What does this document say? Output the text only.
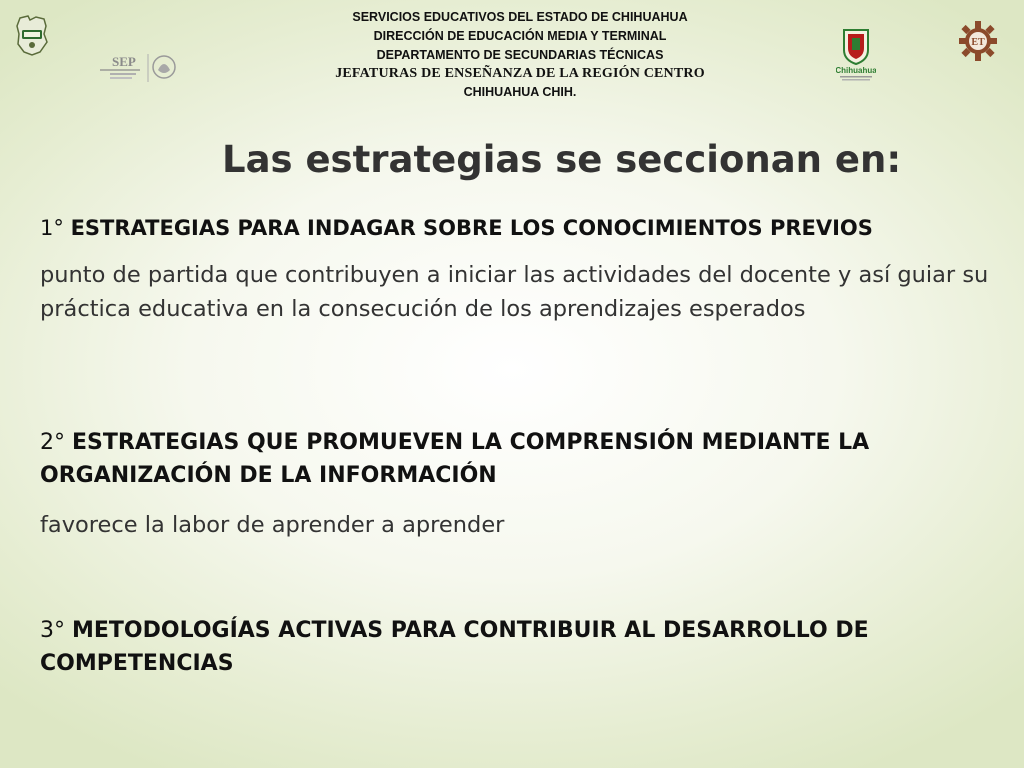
SEP
Chihuahua
ET
SERVICIOS EDUCATIVOS DEL ESTADO DE CHIHUAHUA
DIRECCIÓN DE EDUCACIÓN MEDIA Y TERMINAL
DEPARTAMENTO DE SECUNDARIAS TÉCNICAS
JEFATURAS DE ENSEÑANZA DE LA REGIÓN CENTRO
CHIHUAHUA CHIH.
Las estrategias se seccionan en:

1° ESTRATEGIAS PARA INDAGAR SOBRE LOS CONOCIMIENTOS PREVIOS

punto de partida que contribuyen a iniciar las actividades del docente y así guiar su práctica educativa en la consecución de los aprendizajes esperados

2° ESTRATEGIAS QUE PROMUEVEN LA COMPRENSIÓN MEDIANTE LA ORGANIZACIÓN DE LA INFORMACIÓN

favorece la labor de aprender a aprender

3° METODOLOGÍAS ACTIVAS PARA CONTRIBUIR AL DESARROLLO DE COMPETENCIAS
